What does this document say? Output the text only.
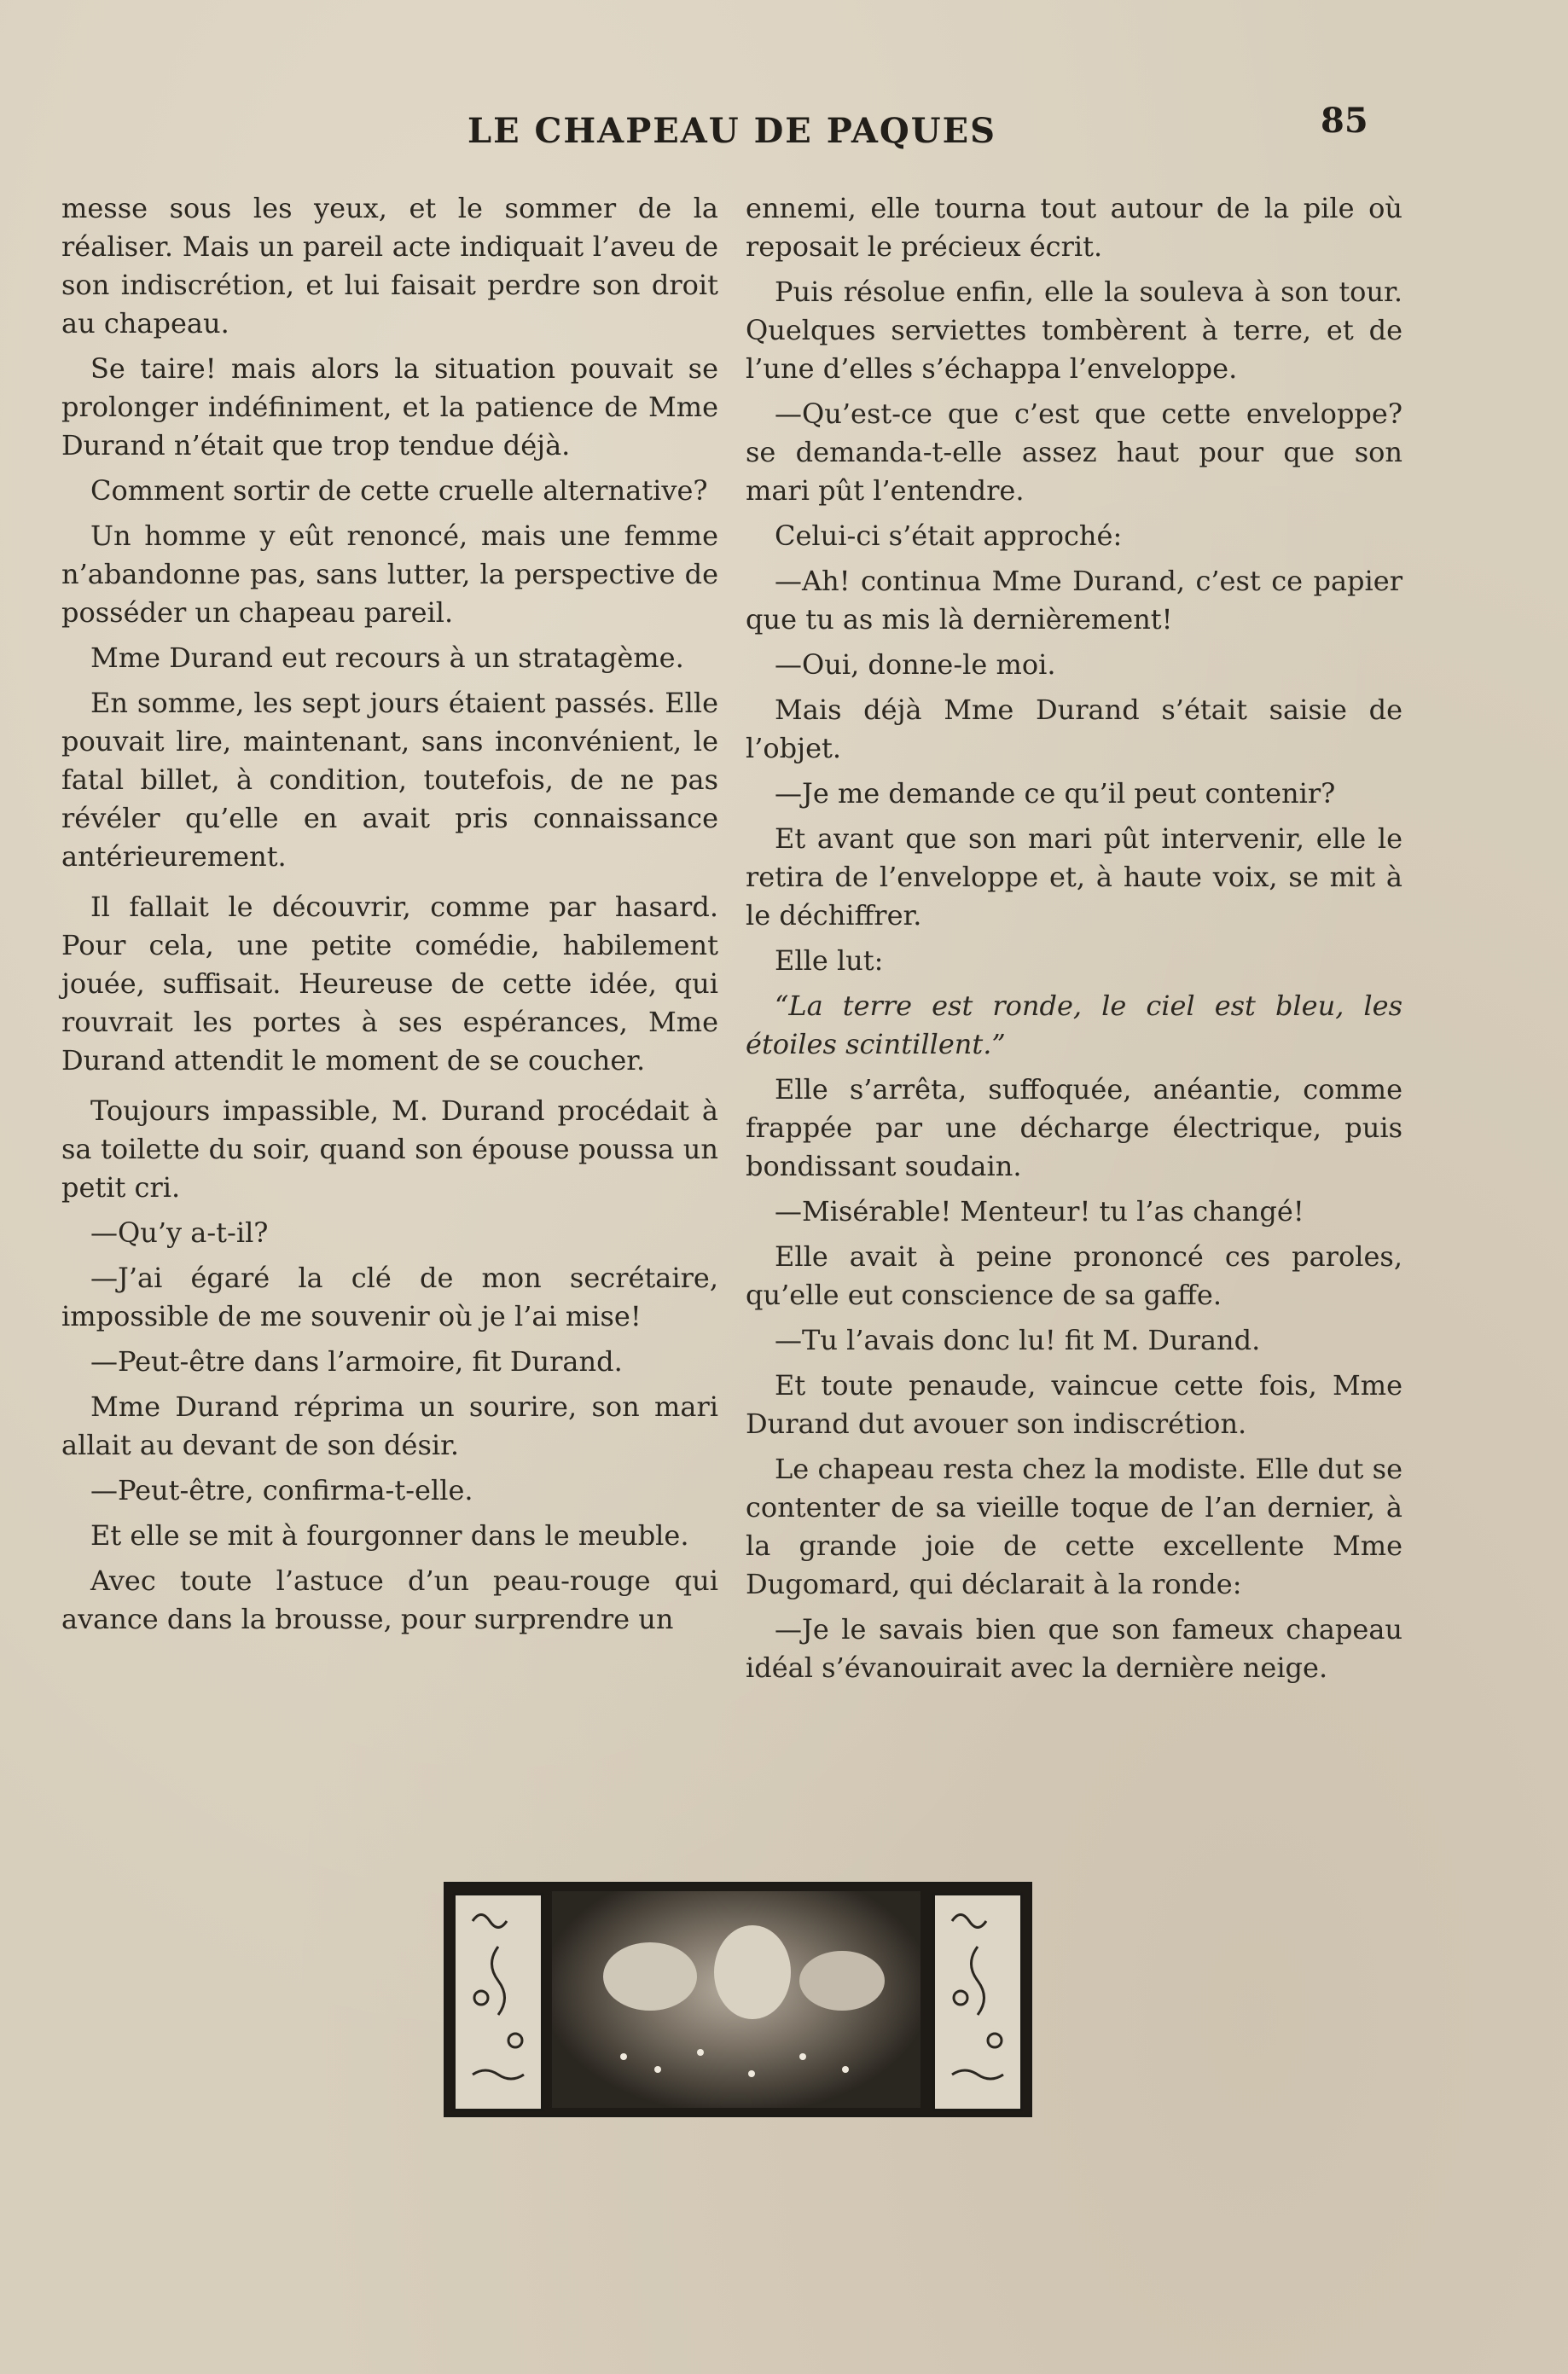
LE CHAPEAU DE PAQUES	85

messe sous les yeux, et le sommer de la réaliser. Mais un pareil acte indiquait l’aveu de son indiscrétion, et lui faisait perdre son droit au chapeau.

Se taire! mais alors la situation pouvait se prolonger indéfiniment, et la patience de Mme Durand n’était que trop tendue déjà.

Comment sortir de cette cruelle alternative?

Un homme y eût renoncé, mais une femme n’abandonne pas, sans lutter, la perspective de posséder un chapeau pareil.

Mme Durand eut recours à un stratagème.

En somme, les sept jours étaient passés. Elle pouvait lire, maintenant, sans inconvénient, le fatal billet, à condition, toutefois, de ne pas révéler qu’elle en avait pris connaissance antérieurement.

Il fallait le découvrir, comme par hasard. Pour cela, une petite comédie, habilement jouée, suffisait. Heureuse de cette idée, qui rouvrait les portes à ses espérances, Mme Durand attendit le moment de se coucher.

Toujours impassible, M. Durand procédait à sa toilette du soir, quand son épouse poussa un petit cri.

—Qu’y a-t-il?

—J’ai égaré la clé de mon secrétaire, impossible de me souvenir où je l’ai mise!

—Peut-être dans l’armoire, fit Durand.

Mme Durand réprima un sourire, son mari allait au devant de son désir.

—Peut-être, confirma-t-elle.

Et elle se mit à fourgonner dans le meuble.

Avec toute l’astuce d’un peau-rouge qui avance dans la brousse, pour surprendre un

ennemi, elle tourna tout autour de la pile où reposait le précieux écrit.

Puis résolue enfin, elle la souleva à son tour. Quelques serviettes tombèrent à terre, et de l’une d’elles s’échappa l’enveloppe.

—Qu’est-ce que c’est que cette enveloppe? se demanda-t-elle assez haut pour que son mari pût l’entendre.

Celui-ci s’était approché:

—Ah! continua Mme Durand, c’est ce papier que tu as mis là dernièrement!

—Oui, donne-le moi.

Mais déjà Mme Durand s’était saisie de l’objet.

—Je me demande ce qu’il peut contenir?

Et avant que son mari pût intervenir, elle le retira de l’enveloppe et, à haute voix, se mit à le déchiffrer.

Elle lut:

“La terre est ronde, le ciel est bleu, les étoiles scintillent.”

Elle s’arrêta, suffoquée, anéantie, comme frappée par une décharge électrique, puis bondissant soudain.

—Misérable! Menteur! tu l’as changé!

Elle avait à peine prononcé ces paroles, qu’elle eut conscience de sa gaffe.

—Tu l’avais donc lu! fit M. Durand.

Et toute penaude, vaincue cette fois, Mme Durand dut avouer son indiscrétion.

Le chapeau resta chez la modiste. Elle dut se contenter de sa vieille toque de l’an dernier, à la grande joie de cette excellente Mme Dugomard, qui déclarait à la ronde:

—Je le savais bien que son fameux chapeau idéal s’évanouirait avec la dernière neige.
